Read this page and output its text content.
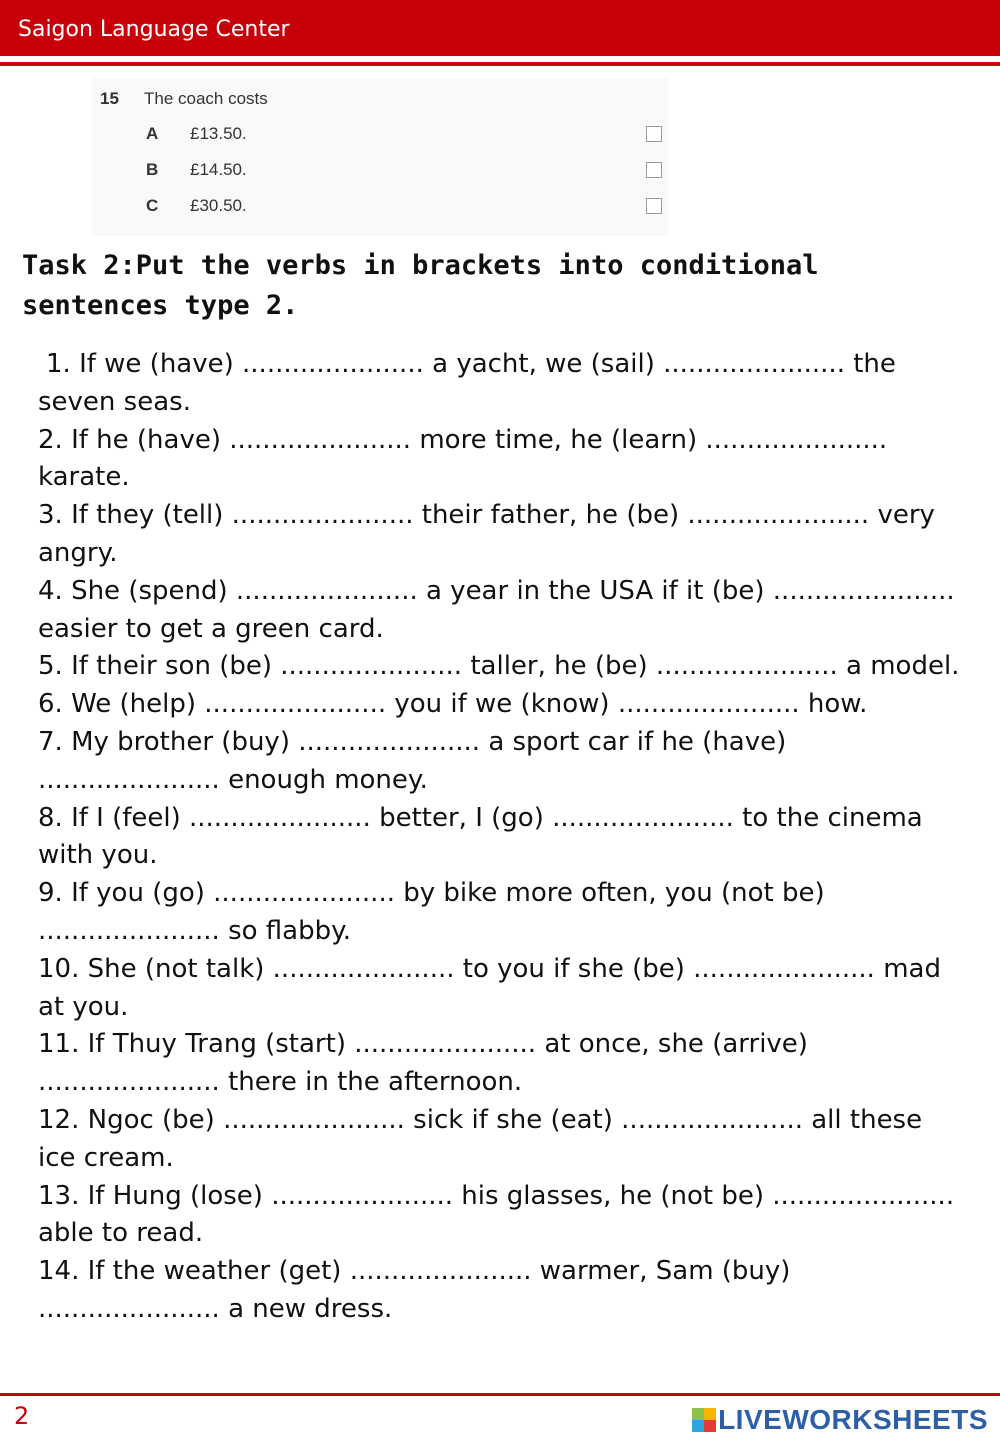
Saigon Language Center
15 The coach costs
A £13.50.
B £14.50.
C £30.50.
Task 2:Put the verbs in brackets into conditional sentences type 2.

1. If we (have) ...................... a yacht, we (sail) ...................... the seven seas.

2. If he (have) ...................... more time, he (learn) ...................... karate.

3. If they (tell) ...................... their father, he (be) ...................... very angry.

4. She (spend) ...................... a year in the USA if it (be) ...................... easier to get a green card.

5. If their son (be) ...................... taller, he (be) ...................... a model.

6. We (help) ...................... you if we (know) ...................... how.

7. My brother (buy) ...................... a sport car if he (have) ...................... enough money.

8. If I (feel) ...................... better, I (go) ...................... to the cinema with you.

9. If you (go) ...................... by bike more often, you (not be) ...................... so flabby.

10. She (not talk) ...................... to you if she (be) ...................... mad at you.

11. If Thuy Trang (start) ...................... at once, she (arrive) ...................... there in the afternoon.

12. Ngoc (be) ...................... sick if she (eat) ...................... all these ice cream.

13. If Hung (lose) ...................... his glasses, he (not be) ...................... able to read.

14. If the weather (get) ...................... warmer, Sam (buy) ...................... a new dress.

2	LIVEWORKSHEETS
